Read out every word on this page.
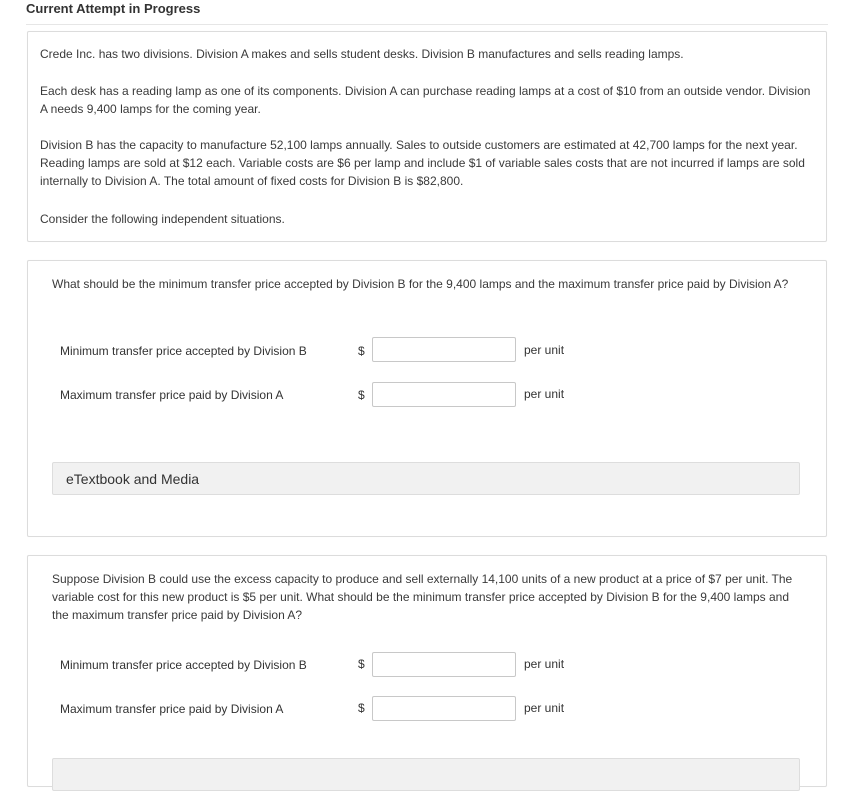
Current Attempt in Progress

Crede Inc. has two divisions. Division A makes and sells student desks. Division B manufactures and sells reading lamps.

Each desk has a reading lamp as one of its components. Division A can purchase reading lamps at a cost of $10 from an outside vendor. Division A needs 9,400 lamps for the coming year.

Division B has the capacity to manufacture 52,100 lamps annually. Sales to outside customers are estimated at 42,700 lamps for the next year. Reading lamps are sold at $12 each. Variable costs are $6 per lamp and include $1 of variable sales costs that are not incurred if lamps are sold internally to Division A. The total amount of fixed costs for Division B is $82,800.

Consider the following independent situations.

What should be the minimum transfer price accepted by Division B for the 9,400 lamps and the maximum transfer price paid by Division A?

Minimum transfer price accepted by Division B	$	per unit
Maximum transfer price paid by Division A	$	per unit
eTextbook and Media

Suppose Division B could use the excess capacity to produce and sell externally 14,100 units of a new product at a price of $7 per unit. The variable cost for this new product is $5 per unit. What should be the minimum transfer price accepted by Division B for the 9,400 lamps and the maximum transfer price paid by Division A?

Minimum transfer price accepted by Division B	$	per unit
Maximum transfer price paid by Division A	$	per unit
